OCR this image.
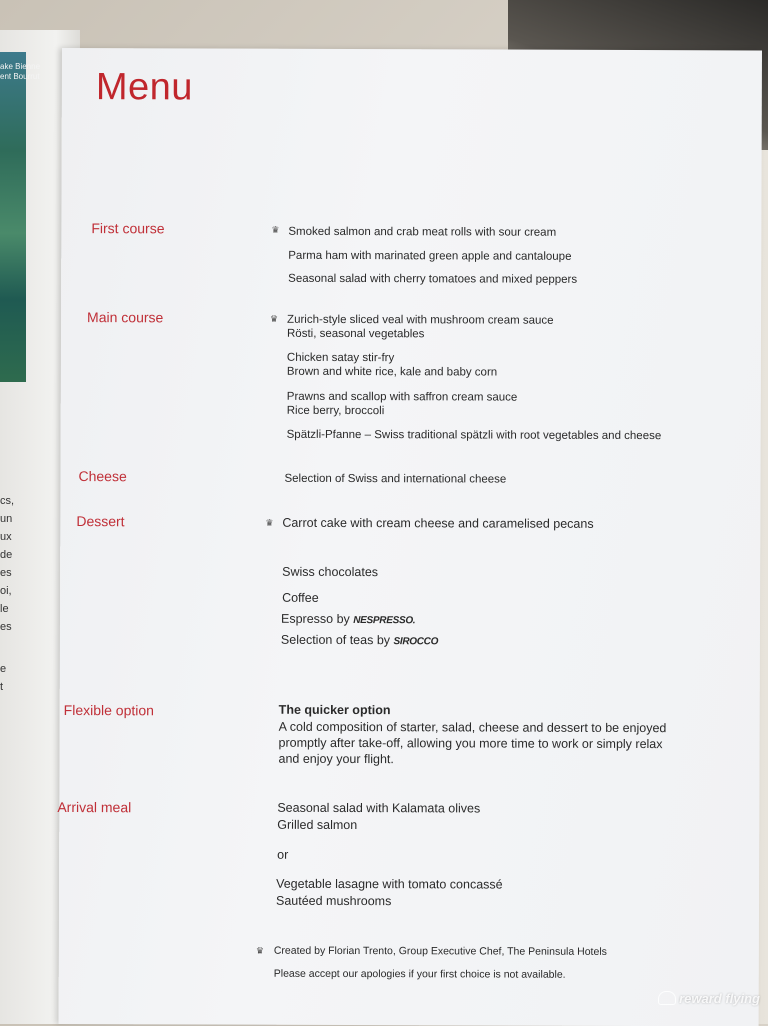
ake Bienne
ent Bourrut
cs,
un
ux
de
es
oi,
le
es
e
t
Menu
First course	♛ Smoked salmon and crab meat rolls with sour cream
Parma ham with marinated green apple and cantaloupe
Seasonal salad with cherry tomatoes and mixed peppers
Main course	♛ Zurich-style sliced veal with mushroom cream sauce
Rösti, seasonal vegetables
Chicken satay stir-fry
Brown and white rice, kale and baby corn
Prawns and scallop with saffron cream sauce
Rice berry, broccoli
Spätzli-Pfanne – Swiss traditional spätzli with root vegetables and cheese
Cheese	Selection of Swiss and international cheese
Dessert	♛ Carrot cake with cream cheese and caramelised pecans
Swiss chocolates
Coffee
Espresso by NESPRESSO.
Selection of teas by SIROCCO
Flexible option	The quicker option
A cold composition of starter, salad, cheese and dessert to be enjoyed
promptly after take-off, allowing you more time to work or simply relax
and enjoy your flight.
Arrival meal	Seasonal salad with Kalamata olives
Grilled salmon
or
Vegetable lasagne with tomato concassé
Sautéed mushrooms
♛ Created by Florian Trento, Group Executive Chef, The Peninsula Hotels
Please accept our apologies if your first choice is not available.
reward flying
